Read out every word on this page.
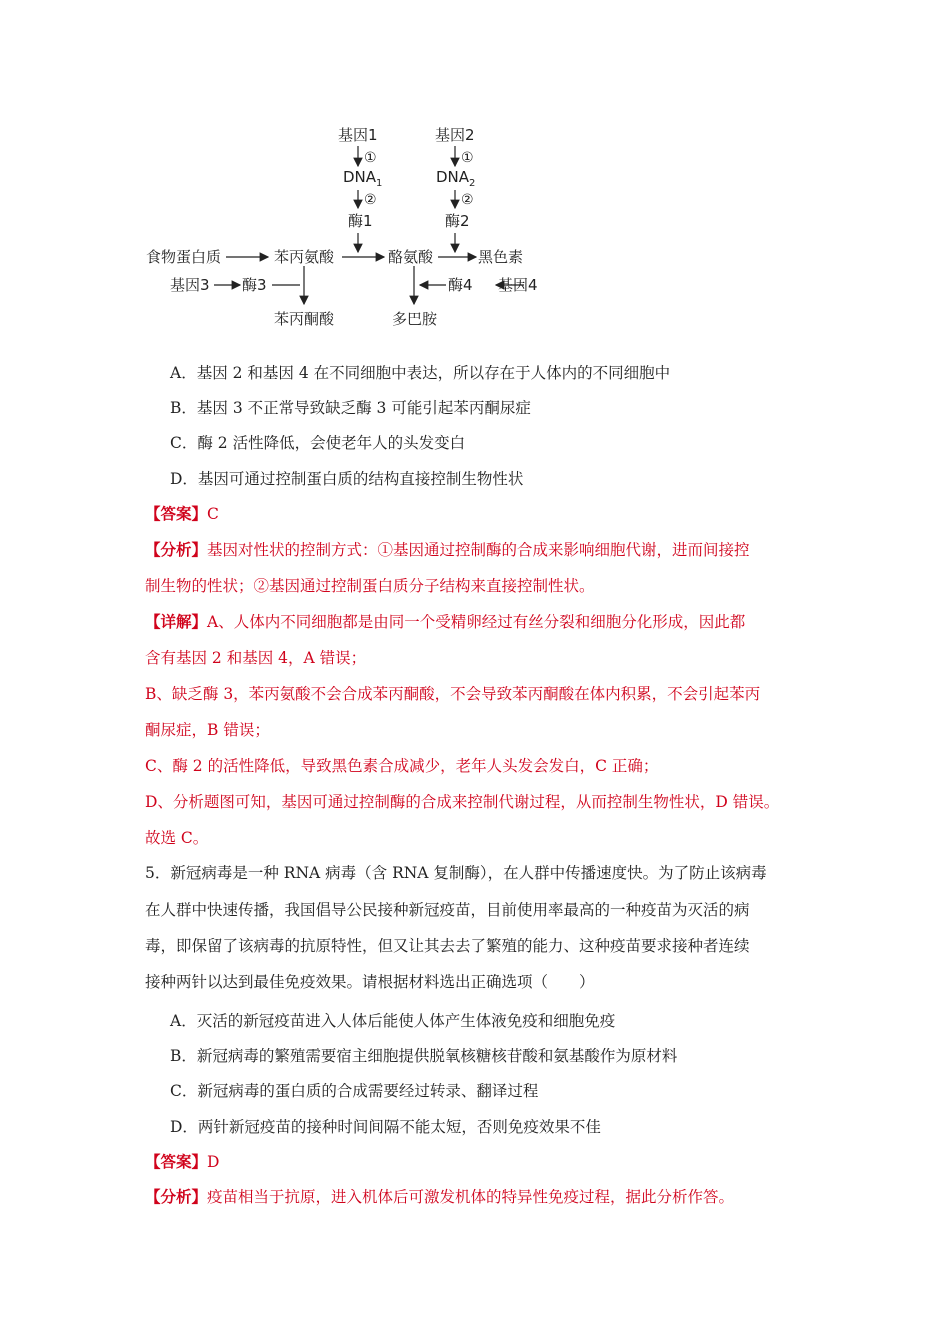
基因1
①
$DNA_1$
②
酶1
基因2
①
$DNA_2$
②
酶2
食物蛋白质	苯丙氨酸	酪氨酸	黑色素
基因3 酶3
苯丙酮酸
酶4 基因4
多巴胺
A．基因 2 和基因 4 在不同细胞中表达，所以存在于人体内的不同细胞中
B．基因 3 不正常导致缺乏酶 3 可能引起苯丙酮尿症
C．酶 2 活性降低，会使老年人的头发变白
D．基因可通过控制蛋白质的结构直接控制生物性状
【答案】C
【分析】基因对性状的控制方式：①基因通过控制酶的合成来影响细胞代谢，进而间接控
制生物的性状；②基因通过控制蛋白质分子结构来直接控制性状。
【详解】A、人体内不同细胞都是由同一个受精卵经过有丝分裂和细胞分化形成，因此都
含有基因 2 和基因 4，A 错误；
B、缺乏酶 3，苯丙氨酸不会合成苯丙酮酸，不会导致苯丙酮酸在体内积累，不会引起苯丙
酮尿症，B 错误；
C、酶 2 的活性降低，导致黑色素合成减少，老年人头发会发白，C 正确；
D、分析题图可知，基因可通过控制酶的合成来控制代谢过程，从而控制生物性状，D 错误。
故选 C。
5．新冠病毒是一种 RNA 病毒（含 RNA 复制酶），在人群中传播速度快。为了防止该病毒
在人群中快速传播，我国倡导公民接种新冠疫苗，目前使用率最高的一种疫苗为灭活的病
毒，即保留了该病毒的抗原特性，但又让其去去了繁殖的能力、这种疫苗要求接种者连续
接种两针以达到最佳免疫效果。请根据材料选出正确选项（　　）
A．灭活的新冠疫苗进入人体后能使人体产生体液免疫和细胞免疫
B．新冠病毒的繁殖需要宿主细胞提供脱氧核糖核苷酸和氨基酸作为原材料
C．新冠病毒的蛋白质的合成需要经过转录、翻译过程
D．两针新冠疫苗的接种时间间隔不能太短，否则免疫效果不佳
【答案】D
【分析】疫苗相当于抗原，进入机体后可激发机体的特异性免疫过程，据此分析作答。
